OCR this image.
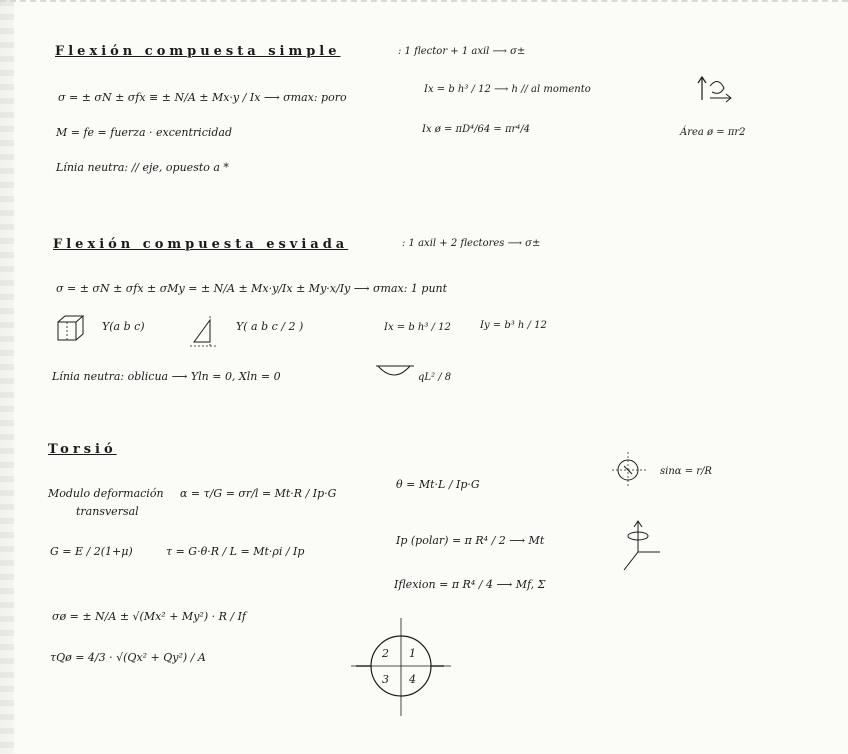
Flexión compuesta simple	: 1 flector + 1 axil ⟶ σ±
σ = ± σN ± σfx ≡ ± N/A ± Mx·y / Ix ⟶ σmax: poro
Ix = b h³ / 12 ⟶ h // al momento
M = fe = fuerza · excentricidad	Ix ø = πD⁴/64 = πr⁴/4	Área ø = πr2
Línia neutra: // eje, opuesto a *
Flexión compuesta esviada	: 1 axil + 2 flectores ⟶ σ±
σ = ± σN ± σfx ± σMy = ± N/A ± Mx·y/Ix ± My·x/Iy ⟶ σmax: 1 punt
Y(a b c)	Y( a b c / 2 )	Ix = b h³ / 12	Iy = b³ h / 12
Línia neutra: oblicua ⟶ Yln = 0, Xln = 0	qL² / 8
Torsió
Modulo deformación
transversal
α = τ/G = σr/l = Mt·R / Ip·G
θ = Mt·L / Ip·G
sinα = r/R
G = E / 2(1+μ)	τ = G·θ·R / L = Mt·ρi / Ip
Ip (polar) = π R⁴ / 2 ⟶ Mt
Iflexion = π R⁴ / 4 ⟶ Mf, Σ
σø = ± N/A ± √(Mx² + My²) · R / If
τQø = 4/3 · √(Qx² + Qy²) / A	2 1
3 4
